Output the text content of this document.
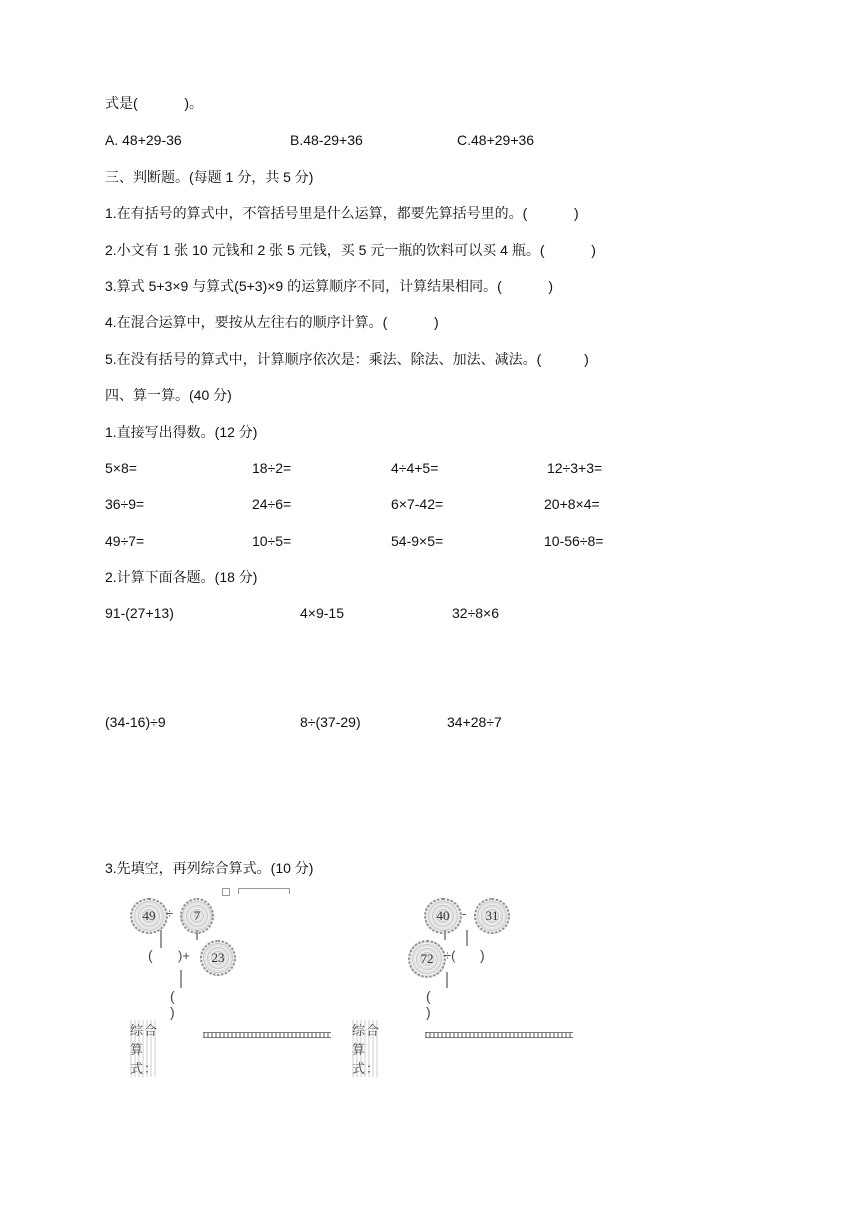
式是(            )。
A. 48+29-36	B.48-29+36	C.48+29+36
三、判断题。(每题 1 分，共 5 分)
1.在有括号的算式中，不管括号里是什么运算，都要先算括号里的。(            )
2.小文有 1 张 10 元钱和 2 张 5 元钱，买 5 元一瓶的饮料可以买 4 瓶。(            )
3.算式 5+3×9 与算式(5+3)×9 的运算顺序不同，计算结果相同。(            )
4.在混合运算中，要按从左往右的顺序计算。(            )
5.在没有括号的算式中，计算顺序依次是：乘法、除法、加法、减法。(           )
四、算一算。(40 分)
1.直接写出得数。(12 分)
5×8=	18÷2=	4÷4+5=	12÷3+3=
36÷9=	24÷6=	6×7-42=	20+8×4=
49÷7=	10÷5=	54-9×5=	10-56÷8=
2.计算下面各题。(18 分)
91-(27+13)	4×9-15	32÷8×6
(34-16)÷9	8÷(37-29)	34+28÷7
3.先填空，再列综合算式。(10 分)
49 ÷	7
( )+	23
( )
综合算式：
40 -	31
72 ÷( )
( )
综合算式：
